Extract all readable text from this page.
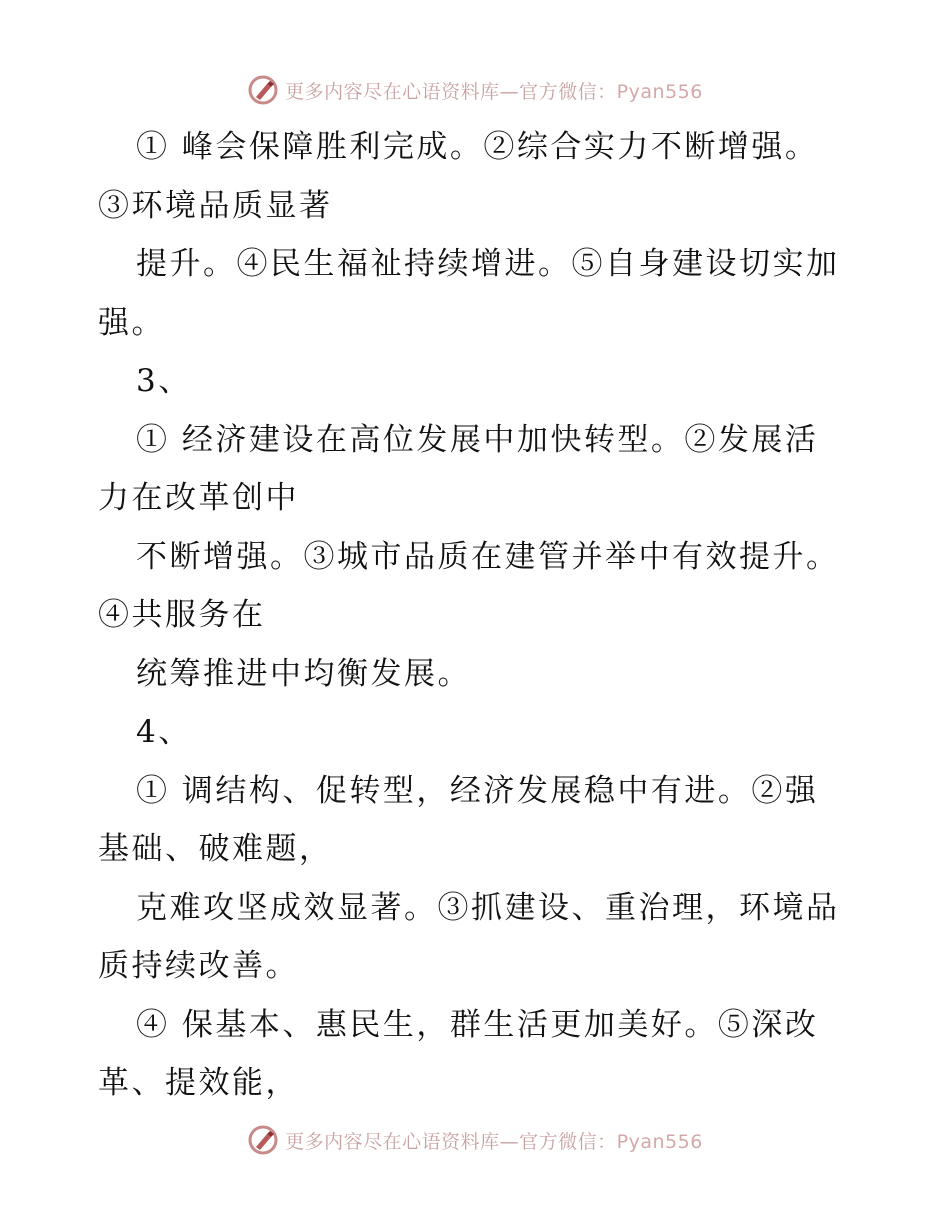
更多内容尽在心语资料库—官方微信：Pyan556
① 峰会保障胜利完成。②综合实力不断增强。
③环境品质显著
提升。④民生福祉持续增进。⑤自身建设切实加
强。
3、
① 经济建设在高位发展中加快转型。②发展活
力在改革创中
不断增强。③城市品质在建管并举中有效提升。
④共服务在
统筹推进中均衡发展。
4、
① 调结构、促转型，经济发展稳中有进。②强
基础、破难题，
克难攻坚成效显著。③抓建设、重治理，环境品
质持续改善。
④ 保基本、惠民生，群生活更加美好。⑤深改
革、提效能，
更多内容尽在心语资料库—官方微信：Pyan556
